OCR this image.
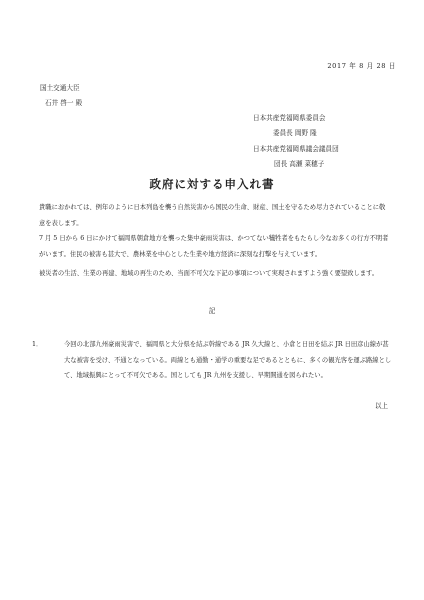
2017 年 8 月 28 日
国土交通大臣
石井 啓一 殿
日本共産党福岡県委員会
委員長 岡野 隆
日本共産党福岡県議会議員団
団長 高瀬 菜穂子
政府に対する申入れ書
貴職におかれては、例年のように日本列島を襲う自然災害から国民の生命、財産、国土を守るため尽力されていることに敬意を表します。
7 月 5 日から 6 日にかけて福岡県朝倉地方を襲った集中豪雨災害は、かつてない犠牲者をもたらし今なお多くの行方不明者がいます。住民の被害も甚大で、農林業を中心とした生業や地方経済に深刻な打撃を与えています。
被災者の生活、生業の再建、地域の再生のため、当面不可欠な下記の事項について実現されますよう強く要望致します。
記
1．	今回の北部九州豪雨災害で、福岡県と大分県を結ぶ幹線である JR 久大線と、小倉と日田を結ぶ JR 日田彦山線が甚大な被害を受け、不通となっている。両線とも通勤・通学の重要な足であるとともに、多くの観光客を運ぶ路線として、地域振興にとって不可欠である。国としても JR 九州を支援し、早期開通を図られたい。
以上
